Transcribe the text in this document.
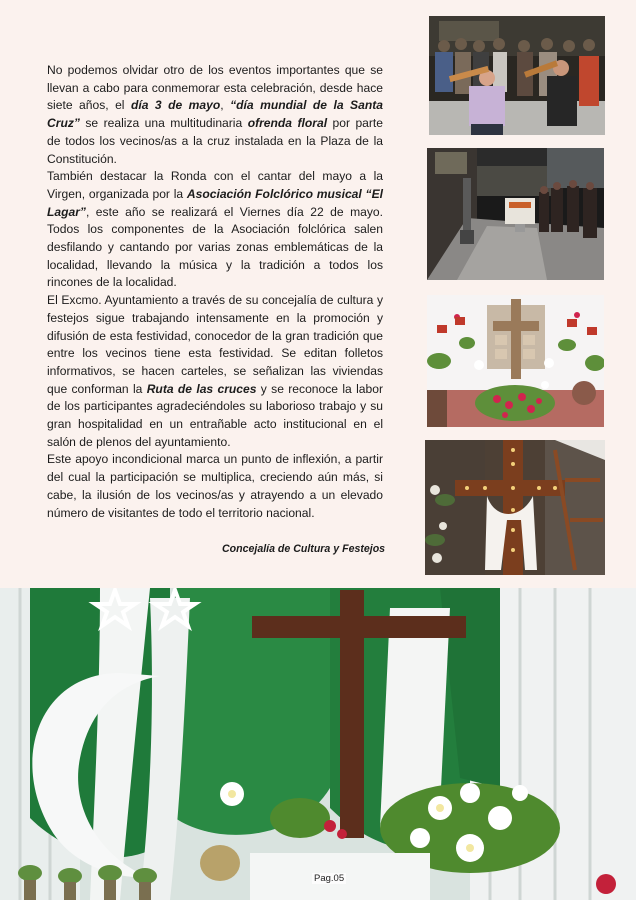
No podemos olvidar otro de los eventos importantes que se llevan a cabo para conmemorar esta celebración, desde hace siete años, el día 3 de mayo, “día mundial de la Santa Cruz” se realiza una multitudinaria ofrenda floral por parte de todos los vecinos/as a la cruz instalada en la Plaza de la Constitución.

También destacar la Ronda con el cantar del mayo a la Virgen, organizada por la Asociación Folclórico musical “El Lagar”, este año se realizará el Viernes día 22 de mayo. Todos los componentes de la Asociación folclórica salen desfilando y cantando por varias zonas emblemáticas de la localidad, llevando la música y la tradición a todos los rincones de la localidad.

El Excmo. Ayuntamiento a través de su concejalía de cultura y festejos sigue trabajando intensamente en la promoción y difusión de esta festividad, conocedor de la gran tradición que entre los vecinos tiene esta festividad. Se editan folletos informativos, se hacen carteles, se señalizan las viviendas que conforman la Ruta de las cruces y se reconoce la labor de los participantes agradeciéndoles su laborioso trabajo y su gran hospitalidad en un entrañable acto institucional en el salón de plenos del ayuntamiento.

Este apoyo incondicional marca un punto de inflexión, a partir del cual la participación se multiplica, creciendo aún más, si cabe, la ilusión de los vecinos/as y atrayendo a un elevado número de visitantes de todo el territorio nacional.

Concejalía de Cultura y Festejos
Pag.05
